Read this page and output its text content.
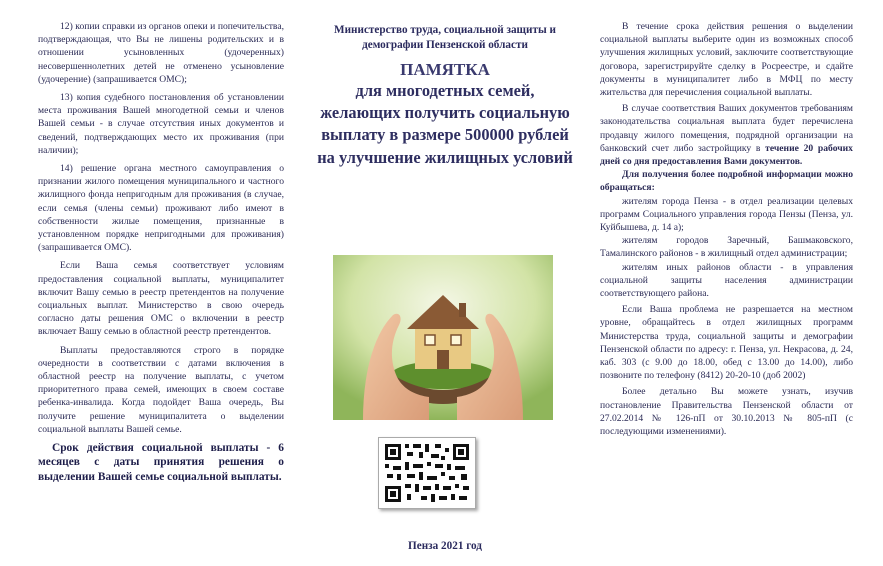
12) копии справки из органов опеки и попечительства, подтверждающая, что Вы не лишены родительских и в отношении усыновленных (удочеренных) несовершеннолетних детей не отменено усыновление (удочерение) (запрашивается ОМС);

13) копия судебного постановления об установлении места проживания Вашей многодетной семьи и членов Вашей семьи - в случае отсутствия иных документов и сведений, подтверждающих место их проживания (при наличии);

14) решение органа местного самоуправления о признании жилого помещения муниципального и частного жилищного фонда непригодным для проживания (в случае, если семья (члены семьи) проживают либо имеют в собственности жилые помещения, признанные в установленном порядке непригодными для проживания) (запрашивается ОМС).

Если Ваша семья соответствует условиям предоставления социальной выплаты, муниципалитет включит Вашу семью в реестр претендентов на получение социальных выплат. Министерство в свою очередь согласно даты решения ОМС о включении в реестр включает Вашу семью в областной реестр претендентов.

Выплаты предоставляются строго в порядке очередности в соответствии с датами включения в областной реестр на получение выплаты, с учетом приоритетного права семей, имеющих в своем составе ребенка-инвалида. Когда подойдет Ваша очередь, Вы получите решение муниципалитета о выделении социальной выплаты Вашей семье.

Срок действия социальной выплаты - 6 месяцев с даты принятия решения о выделении Вашей семье социальной выплаты.

Министерство труда, социальной защиты и демографии Пензенской области
ПАМЯТКА
для многодетных семей, желающих получить социальную выплату в размере 500000 рублей на улучшение жилищных условий
Пенза 2021 год

В течение срока действия решения о выделении социальной выплаты выберите один из возможных способ улучшения жилищных условий, заключите соответствующие договора, зарегистрируйте сделку в Росреестре, и сдайте документы в муниципалитет либо в МФЦ по месту жительства для перечисления социальной выплаты.

В случае соответствия Ваших документов требованиям законодательства социальная выплата будет перечислена продавцу жилого помещения, подрядной организации на банковский счет либо застройщику в течение 20 рабочих дней со дня предоставления Вами документов.

Для получения более подробной информации можно обращаться:

жителям города Пенза - в отдел реализации целевых программ Социального управления города Пензы (Пенза, ул. Куйбышева, д. 14 а);

жителям городов Заречный, Башмаковского, Тамалинского районов - в жилищный отдел администрации;

жителям иных районов области - в управления социальной защиты населения администрации соответствующего района.

Если Ваша проблема не разрешается на местном уровне, обращайтесь в отдел жилищных программ Министерства труда, социальной защиты и демографии Пензенской области по адресу: г. Пенза, ул. Некрасова, д. 24, каб. 303 (с 9.00 до 18.00, обед с 13.00 до 14.00), либо позвоните по телефону (8412) 20-20-10 (доб 2002)

Более детально Вы можете узнать, изучив постановление Правительства Пензенской области от 27.02.2014 № 126-пП от 30.10.2013 № 805-пП (с последующими изменениями).
